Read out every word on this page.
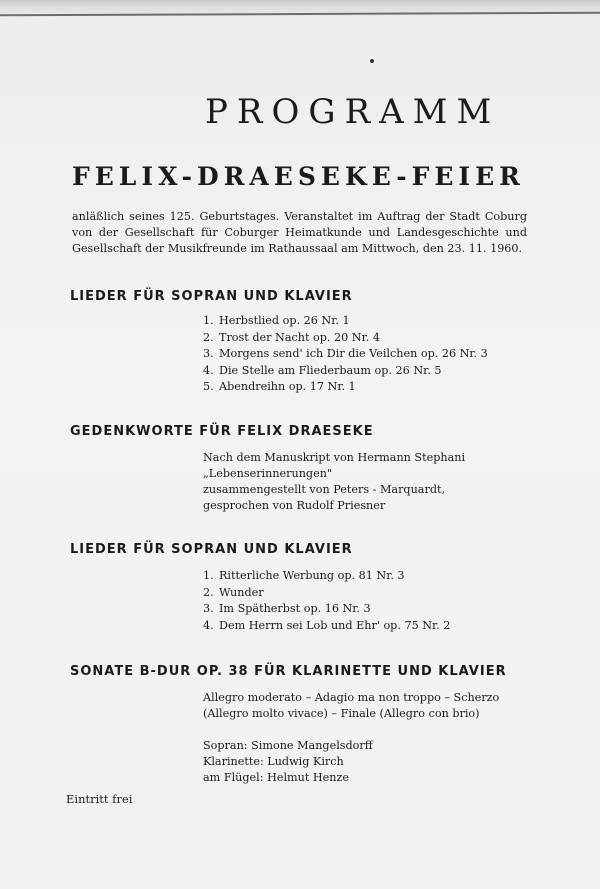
PROGRAMM
FELIX-DRAESEKE-FEIER
anläßlich seines 125. Geburtstages. Veranstaltet im Auftrag der Stadt Coburg von der Gesellschaft für Coburger Heimatkunde und Landesgeschichte und Gesellschaft der Musikfreunde im Rathaussaal am Mittwoch, den 23. 11. 1960.
LIEDER FÜR SOPRAN UND KLAVIER
1. Herbstlied op. 26 Nr. 1
2. Trost der Nacht op. 20 Nr. 4
3. Morgens send' ich Dir die Veilchen op. 26 Nr. 3
4. Die Stelle am Fliederbaum op. 26 Nr. 5
5. Abendreihn op. 17 Nr. 1
GEDENKWORTE FÜR FELIX DRAESEKE
Nach dem Manuskript von Hermann Stephani
„Lebenserinnerungen"
zusammengestellt von Peters - Marquardt,
gesprochen von Rudolf Priesner
LIEDER FÜR SOPRAN UND KLAVIER
1. Ritterliche Werbung op. 81 Nr. 3
2. Wunder
3. Im Spätherbst op. 16 Nr. 3
4. Dem Herrn sei Lob und Ehr' op. 75 Nr. 2
SONATE B-DUR OP. 38 FÜR KLARINETTE UND KLAVIER
Allegro moderato – Adagio ma non troppo – Scherzo
(Allegro molto vivace) – Finale (Allegro con brio)
Sopran: Simone Mangelsdorff
Klarinette: Ludwig Kirch
am Flügel: Helmut Henze
Eintritt frei
